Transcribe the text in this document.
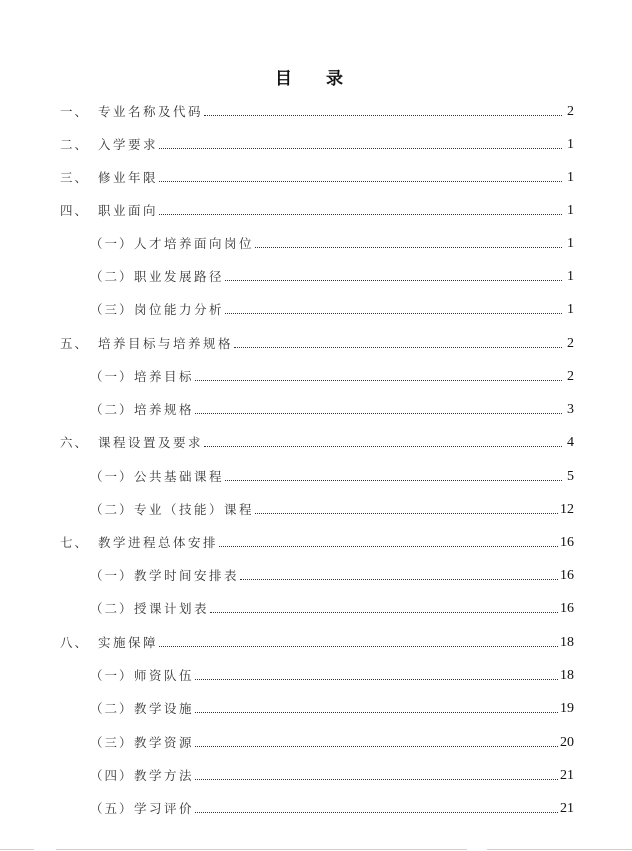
目 录
一、 专业名称及代码	2
二、 入学要求	1
三、 修业年限	1
四、 职业面向	1
（一） 人才培养面向岗位	1
（二） 职业发展路径	1
（三） 岗位能力分析	1
五、 培养目标与培养规格	2
（一） 培养目标	2
（二） 培养规格	3
六、 课程设置及要求	4
（一） 公共基础课程	5
（二） 专业（技能）课程	12
七、 教学进程总体安排	16
（一） 教学时间安排表	16
（二） 授课计划表	16
八、 实施保障	18
（一） 师资队伍	18
（二） 教学设施	19
（三） 教学资源	20
（四） 教学方法	21
（五） 学习评价	21
